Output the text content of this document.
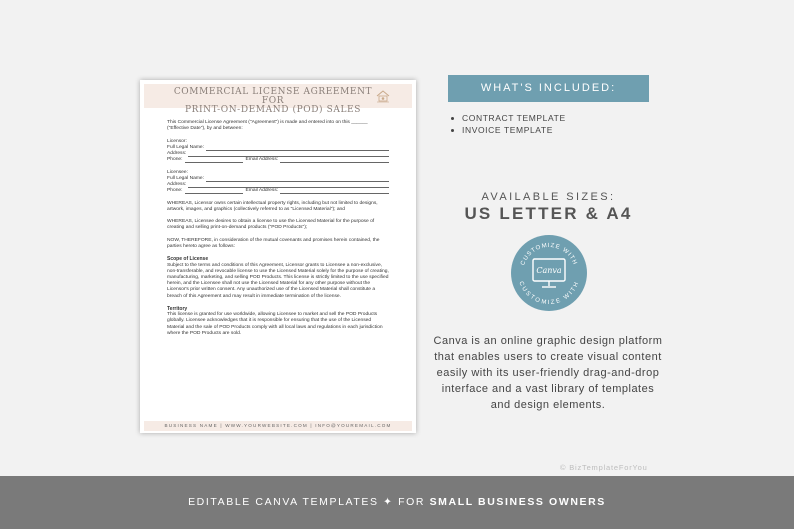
COMMERCIAL LICENSE AGREEMENT FOR
PRINT-ON-DEMAND (POD) SALES

This Commercial License Agreement ("Agreement") is made and entered into on this ______ ("Effective Date"), by and between:

Licensor:
Full Legal Name:
Address:
Phone:	Email Address:
Licensee:
Full Legal Name:
Address:
Phone:	Email Address:

WHEREAS, Licensor owns certain intellectual property rights, including but not limited to designs, artwork, images, and graphics (collectively referred to as "Licensed Material"); and

WHEREAS, Licensee desires to obtain a license to use the Licensed Material for the purpose of creating and selling print-on-demand products ("POD Products");

NOW, THEREFORE, in consideration of the mutual covenants and promises herein contained, the parties hereto agree as follows:

Scope of License

Subject to the terms and conditions of this Agreement, Licensor grants to Licensee a non-exclusive, non-transferable, and revocable license to use the Licensed Material solely for the purpose of creating, manufacturing, marketing, and selling POD Products. This license is strictly limited to the use specified herein, and the Licensee shall not use the Licensed Material for any other purpose without the Licensor's prior written consent. Any unauthorized use of the Licensed Material shall constitute a breach of this Agreement and may result in immediate termination of the license.

Territory

This license is granted for use worldwide, allowing Licensee to market and sell the POD Products globally. Licensee acknowledges that it is responsible for ensuring that the use of the Licensed Material and the sale of POD Products comply with all local laws and regulations in each jurisdiction where the POD Products are sold.

BUSINESS NAME | WWW.YOURWEBSITE.COM | INFO@YOUREMAIL.COM
WHAT'S INCLUDED:
CONTRACT TEMPLATE
INVOICE TEMPLATE
AVAILABLE SIZES:
US LETTER & A4
CUSTOMIZE WITH
CUSTOMIZE WITH
Canva
Canva is an online graphic design platform that enables users to create visual content easily with its user-friendly drag-and-drop interface and a vast library of templates and design elements.
© BizTemplateForYou
EDITABLE CANVA TEMPLATES ✦ FOR SMALL BUSINESS OWNERS
